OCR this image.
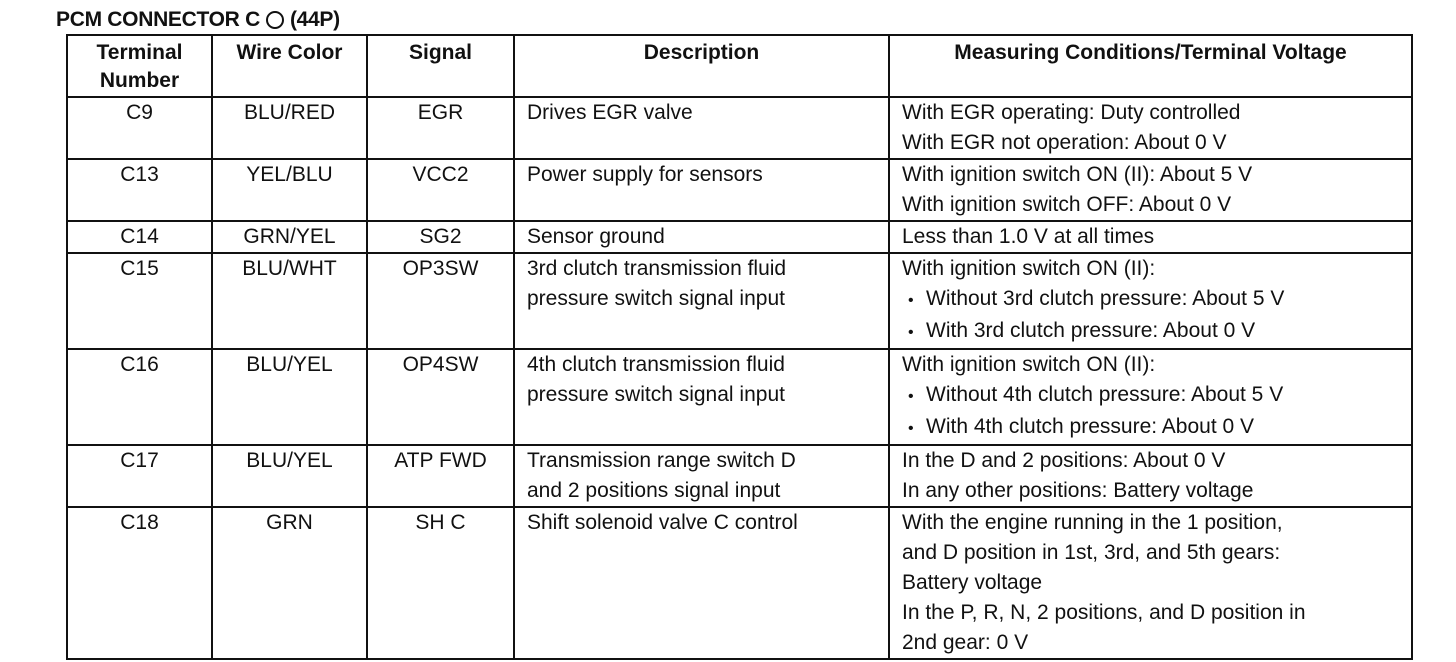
PCM CONNECTOR C (44P)
Terminal
Number	Wire Color	Signal	Description	Measuring Conditions/Terminal Voltage

C9	BLU/RED	EGR	Drives EGR valve	With EGR operating: Duty controlled
With EGR not operation: About 0 V

C13	YEL/BLU	VCC2	Power supply for sensors	With ignition switch ON (II): About 5 V
With ignition switch OFF: About 0 V

C14	GRN/YEL	SG2	Sensor ground	Less than 1.0 V at all times

C15	BLU/WHT	OP3SW	3rd clutch transmission fluid
pressure switch signal input	With ignition switch ON (II):
• Without 3rd clutch pressure: About 5 V
• With 3rd clutch pressure: About 0 V

C16	BLU/YEL	OP4SW	4th clutch transmission fluid
pressure switch signal input	With ignition switch ON (II):
• Without 4th clutch pressure: About 5 V
• With 4th clutch pressure: About 0 V

C17	BLU/YEL	ATP FWD	Transmission range switch D
and 2 positions signal input	In the D and 2 positions: About 0 V
In any other positions: Battery voltage

C18	GRN	SH C	Shift solenoid valve C control	With the engine running in the 1 position,
and D position in 1st, 3rd, and 5th gears:
Battery voltage
In the P, R, N, 2 positions, and D position in
2nd gear: 0 V
